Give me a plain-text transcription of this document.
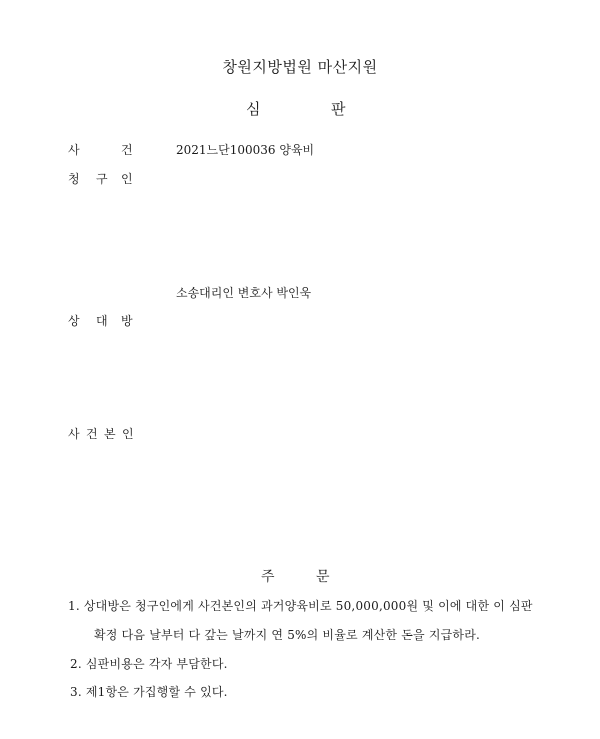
창원지방법원 마산지원
심	판
사	건	2021느단100036 양육비
청 구 인
소송대리인 변호사 박인욱
상 대 방
사 건 본 인
주	문
1. 상대방은 청구인에게 사건본인의 과거양육비로 50,000,000원 및 이에 대한 이 심판
확정 다음 날부터 다 갚는 날까지 연 5%의 비율로 계산한 돈을 지급하라.
2. 심판비용은 각자 부담한다.
3. 제1항은 가집행할 수 있다.
